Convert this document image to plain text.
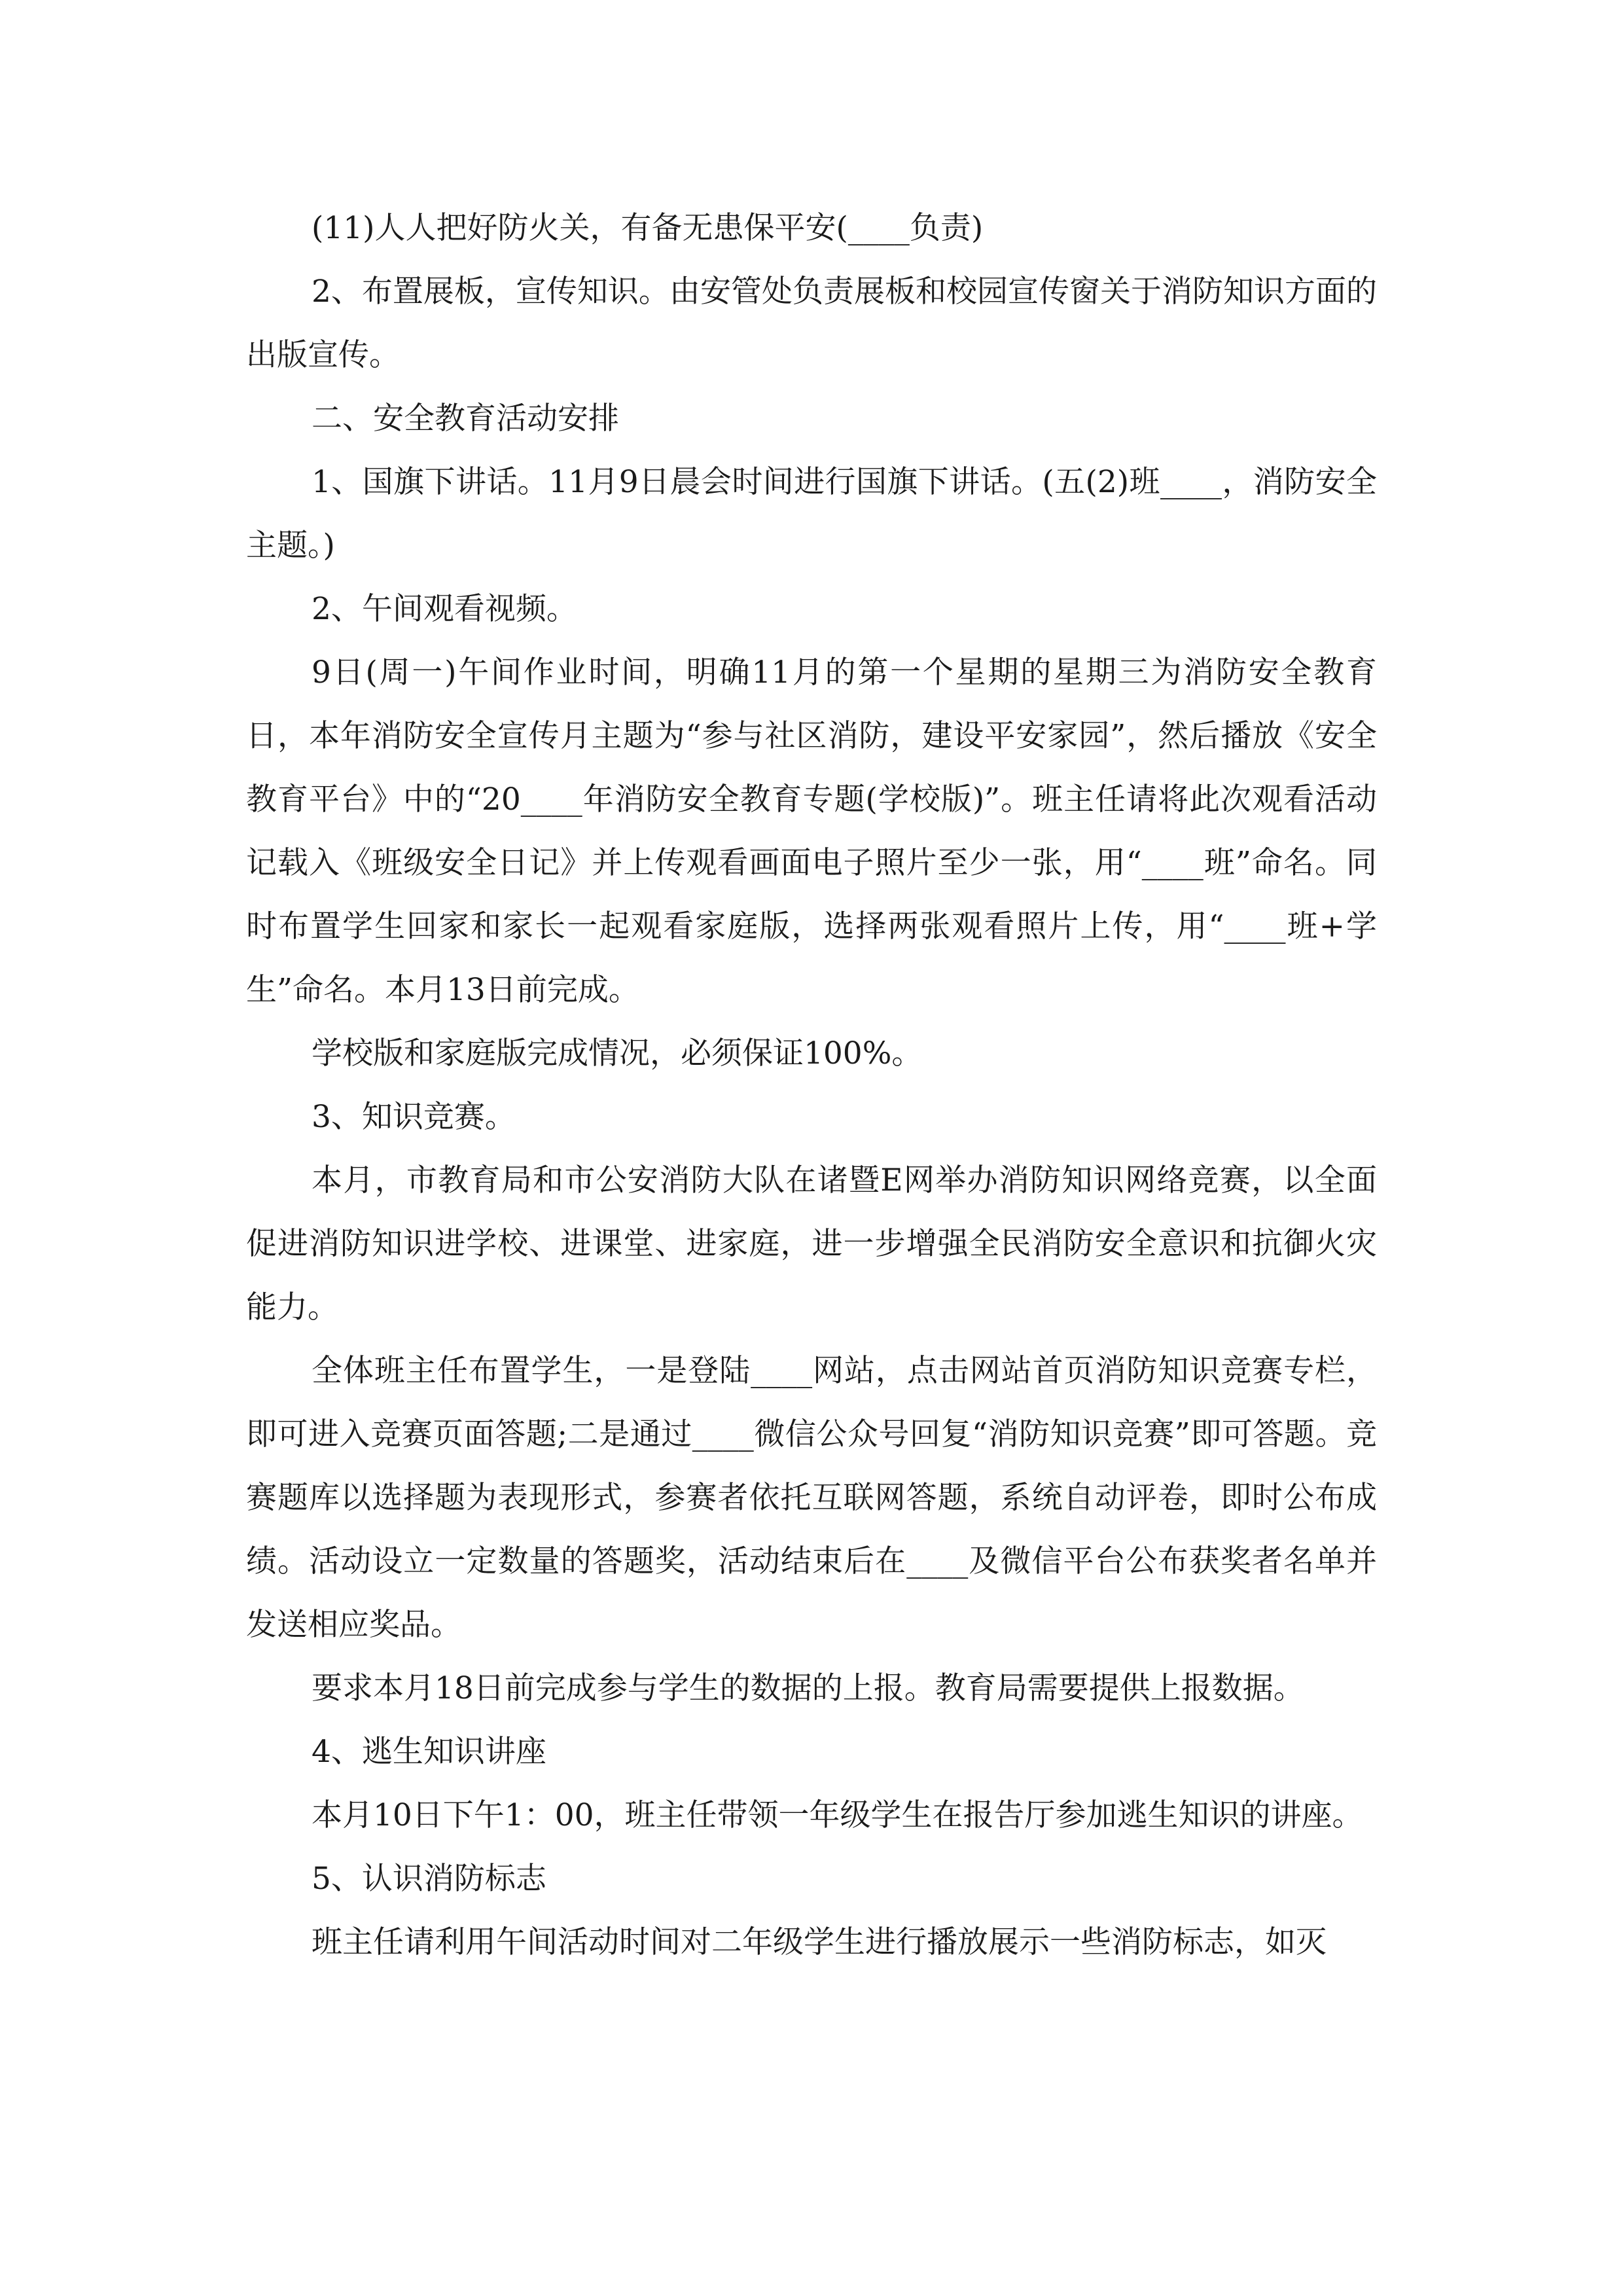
(11)人人把好防火关，有备无患保平安(____负责)

2、布置展板，宣传知识。由安管处负责展板和校园宣传窗关于消防知识方面的出版宣传。

二、安全教育活动安排

1、国旗下讲话。11月9日晨会时间进行国旗下讲话。(五(2)班____，消防安全主题。)

2、午间观看视频。

9日(周一)午间作业时间，明确11月的第一个星期的星期三为消防安全教育日，本年消防安全宣传月主题为“参与社区消防，建设平安家园”，然后播放《安全教育平台》中的“20____年消防安全教育专题(学校版)”。班主任请将此次观看活动记载入《班级安全日记》并上传观看画面电子照片至少一张，用“____班”命名。同时布置学生回家和家长一起观看家庭版，选择两张观看照片上传，用“____班+学生”命名。本月13日前完成。

学校版和家庭版完成情况，必须保证100%。

3、知识竞赛。

本月，市教育局和市公安消防大队在诸暨E网举办消防知识网络竞赛，以全面促进消防知识进学校、进课堂、进家庭，进一步增强全民消防安全意识和抗御火灾能力。

全体班主任布置学生，一是登陆____网站，点击网站首页消防知识竞赛专栏，即可进入竞赛页面答题;二是通过____微信公众号回复“消防知识竞赛”即可答题。竞赛题库以选择题为表现形式，参赛者依托互联网答题，系统自动评卷，即时公布成绩。活动设立一定数量的答题奖，活动结束后在____及微信平台公布获奖者名单并发送相应奖品。

要求本月18日前完成参与学生的数据的上报。教育局需要提供上报数据。

4、逃生知识讲座

本月10日下午1：00，班主任带领一年级学生在报告厅参加逃生知识的讲座。

5、认识消防标志

班主任请利用午间活动时间对二年级学生进行播放展示一些消防标志，如灭
